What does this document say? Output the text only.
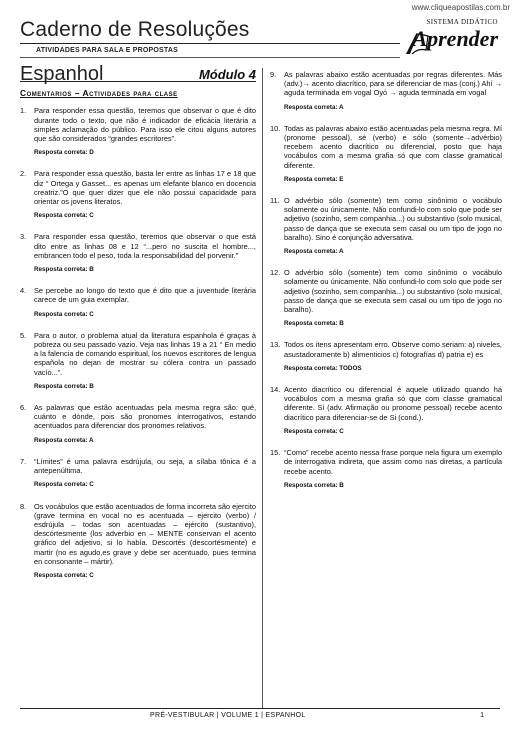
www.cliqueapostilas.com.br
Caderno de Resoluções
ATIVIDADES PARA SALA E PROPOSTAS
SISTEMA DIDÁTICO
Aprender
Espanhol	Módulo 4
Comentarios – Actividades para clase
1.	Para responder essa questão, teremos que observar o que é dito durante todo o texto, que não é indicador de eficácia literária a simples aclamação do público. Para isso ele citou alguns autores que são considerados “grandes escritores”.
Resposta correta: D
2.	Para responder essa questão, basta ler entre as linhas 17 e 18 que diz “ Ortega y Gasset... es apenas um elefante blanco en docencia creatriz.”O que quer dizer que ele não possui capacidade para orientar os jovens literatos.
Resposta correta: C
3.	Para responder essa questão, teremos que observar o que está dito entre as linhas 08 e 12 “...pero no suscita el hombre..., embrancen todo el peso, toda la responsabilidad del porvenir.”
Resposta correta: B
4.	Se percebe ao longo do texto que é dito que a juventude literária carece de um guia exemplar.
Resposta correta: C
5.	Para o autor, o problema atual da literatura espanhola é graças à pobreza ou seu passado vazio. Veja nas linhas 19 a 21 “ En medio a la falencia de comando espiritual, los nuevos escritores de lengua española no dejan de mostrar su cólera contra un passado vacío...”.
Resposta correta: B
6.	As palavras que estão acentuadas pela mesma regra são: qué, cuánto e dónde, pois são pronomes interrogativos, estando acentuados para diferenciar dos pronomes relativos.
Resposta correta: A
7.	“Límites” é uma palavra esdrújula, ou seja, a sílaba tônica é a antepenúltima.
Resposta correta: C
8.	Os vocábulos que estão acentuados de forma incorreta são ejercito (grave termina en vocal no es acentuada – ejercito (verbo) / esdrújula – todas son acentuadas – ejército (sustantivo), descórtesmente (los adverbio en – MENTE conservan el acento gráfico del adjetivo, si lo había. Descortés (descortésmente) e martir (no es agudo,es grave y debe ser acentuado, pues termina en consonante – mártir).
Resposta correta: C
9.	As palavras abaixo estão acentuadas por regras diferentes. Más (adv.)→ acento diacrítico, para se diferenciar de mas (conj.) Ahí → aguda terminada em vogal Oyó → aguda terminada em vogal
Resposta correta: A
10. Todas as palavras abaixo estão acentuadas pela mesma regra. Mí (pronome pessoal), sé (verbo) e sólo (somente→advérbio) recebem acento diacrítico ou diferencial, posto que haja vocábulos com a mesma grafia só que com classe gramatical diferente.
Resposta correta: E
11. O advérbio sólo (somente) tem como sinônimo o vocábulo solamente ou únicamente. Não confundi-lo com solo que pode ser adjetivo (sozinho, sem companhia...) ou substantivo (solo musical, passo de dança que se executa sem casal ou um tipo de jogo no baralho). Sino é conjunção adversativa.
Resposta correta: A
12. O advérbio sólo (somente) tem como sinônimo o vocábulo solamente ou únicamente. Não confundi-lo com solo que pode ser adjetivo (sozinho, sem companhia...) ou substantivo (solo musical, passo de dança que se executa sem casal ou um tipo de jogo no baralho).
Resposta correta: B
13. Todos os itens apresentam erro. Observe como seriam: a) niveles, asustadoramente b) alimenticios c) fotografías d) patria e) es
Resposta correta: TODOS
14. Acento diacrítico ou diferencial é aquele utilizado quando há vocábulos com a mesma grafia só que com classe gramatical diferente. Sí (adv. Afirmação ou pronome pessoal) recebe acento diacrítico para diferenciar-se de Si (cond.).
Resposta correta: C
15. “Como” recebe acento nessa frase porque nela figura um exemplo de interrogativa indireta, que assim como nas diretas, a partícula recebe acento.
Resposta correta: B
PRÉ-VESTIBULAR | VOLUME 1 | ESPANHOL	1
